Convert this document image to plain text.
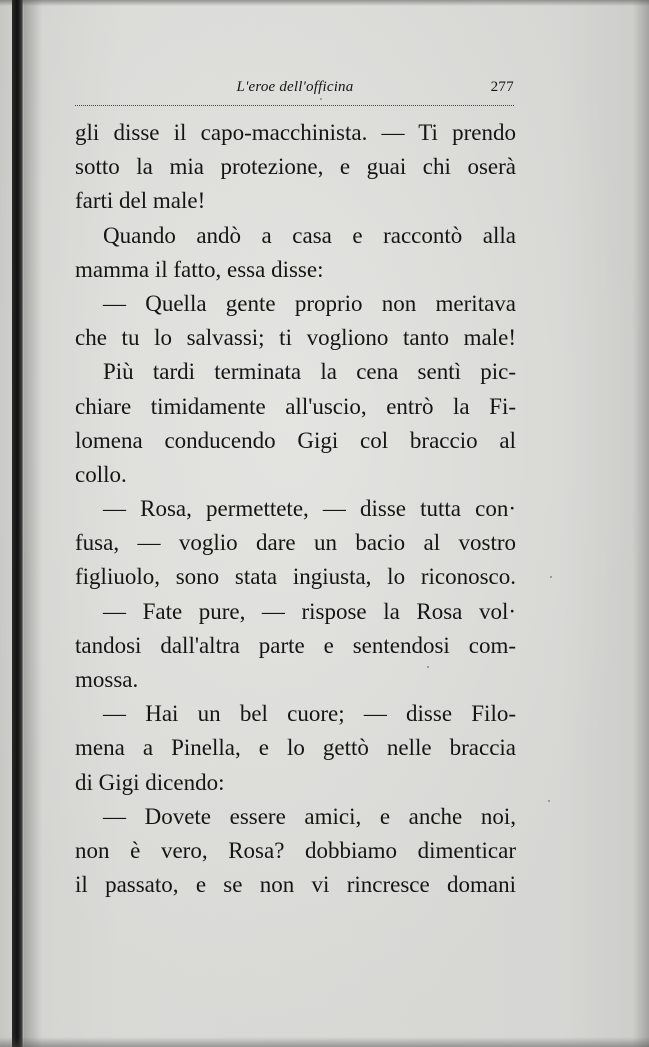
L'eroe dell'officina	277
gli disse il capo-macchinista. — Ti prendo
sotto la mia protezione, e guai chi oserà
farti del male!
Quando andò a casa e raccontò alla
mamma il fatto, essa disse:
— Quella gente proprio non meritava
che tu lo salvassi; ti vogliono tanto male!
Più tardi terminata la cena sentì pic-
chiare timidamente all'uscio, entrò la Fi-
lomena conducendo Gigi col braccio al
collo.
— Rosa, permettete, — disse tutta con·
fusa, — voglio dare un bacio al vostro
figliuolo, sono stata ingiusta, lo riconosco.
— Fate pure, — rispose la Rosa vol·
tandosi dall'altra parte e sentendosi com-
mossa.
— Hai un bel cuore; — disse Filo-
mena a Pinella, e lo gettò nelle braccia
di Gigi dicendo:
— Dovete essere amici, e anche noi,
non è vero, Rosa? dobbiamo dimenticar
il passato, e se non vi rincresce domani
